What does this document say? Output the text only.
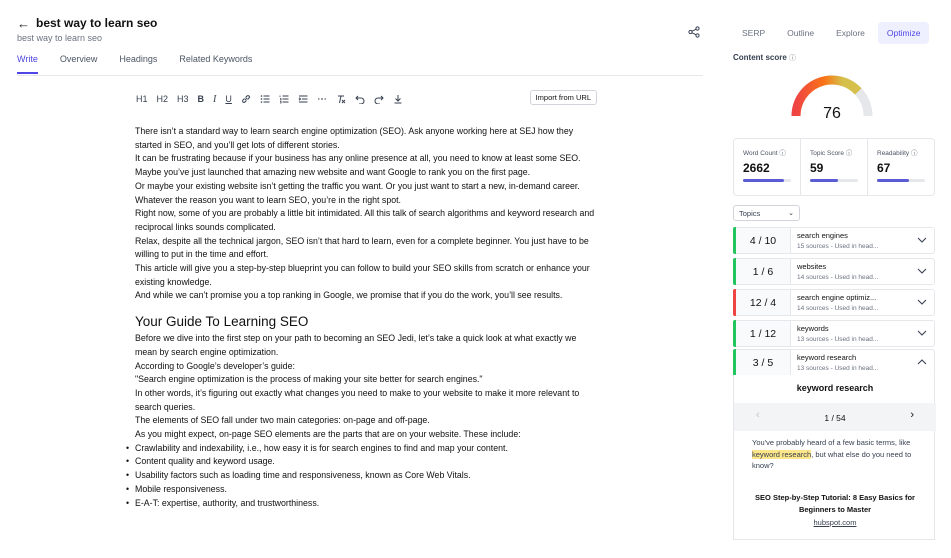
← best way to learn seo
best way to learn seo
Write Overview Headings Related Keywords
H1 H2 H3 B I U	Import from URL

There isn’t a standard way to learn search engine optimization (SEO). Ask anyone working here at SEJ how they started in SEO, and you’ll get lots of different stories.

It can be frustrating because if your business has any online presence at all, you need to know at least some SEO.

Maybe you’ve just launched that amazing new website and want Google to rank you on the first page.

Or maybe your existing website isn’t getting the traffic you want. Or you just want to start a new, in-demand career.

Whatever the reason you want to learn SEO, you’re in the right spot.

Right now, some of you are probably a little bit intimidated. All this talk of search algorithms and keyword research and reciprocal links sounds complicated.

Relax, despite all the technical jargon, SEO isn’t that hard to learn, even for a complete beginner. You just have to be willing to put in the time and effort.

This article will give you a step-by-step blueprint you can follow to build your SEO skills from scratch or enhance your existing knowledge.

And while we can’t promise you a top ranking in Google, we promise that if you do the work, you’ll see results.

Your Guide To Learning SEO

Before we dive into the first step on your path to becoming an SEO Jedi, let’s take a quick look at what exactly we mean by search engine optimization.

According to Google’s developer’s guide:

"Search engine optimization is the process of making your site better for search engines."

In other words, it’s figuring out exactly what changes you need to make to your website to make it more relevant to search queries.

The elements of SEO fall under two main categories: on-page and off-page.

As you might expect, on-page SEO elements are the parts that are on your website. These include:

• Crawlability and indexability, i.e., how easy it is for search engines to find and map your content.
• Content quality and keyword usage.
• Usability factors such as loading time and responsiveness, known as Core Web Vitals.
• Mobile responsiveness.
• E-A-T: expertise, authority, and trustworthiness.
SERP	Outline	Explore	Optimize
Content score ⓘ
76
Word Count ⓘ
2662
Topic Score ⓘ
59
Readability ⓘ
67
Topics	⌄
4 / 10	search engines
15 sources - Used in head...
1 / 6	websites
14 sources - Used in head...
12 / 4	search engine optimiz...
14 sources - Used in head...
1 / 12	keywords
13 sources - Used in head...
3 / 5	keyword research
13 sources - Used in head...
keyword research
‹	1 / 54	›
You've probably heard of a few basic terms, like keyword research, but what else do you need to know?
SEO Step-by-Step Tutorial: 8 Easy Basics for Beginners to Master
hubspot.com
